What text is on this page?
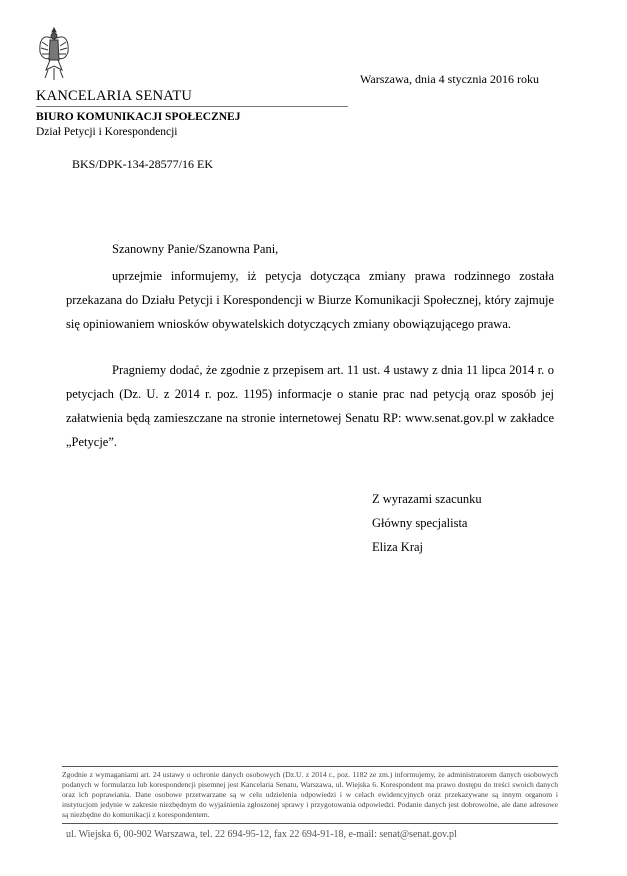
KANCELARIA SENATU
BIURO KOMUNIKACJI SPOŁECZNEJ
Dział Petycji i Korespondencji
Warszawa, dnia 4 stycznia 2016 roku
BKS/DPK-134-28577/16 EK
Szanowny Panie/Szanowna Pani,

uprzejmie informujemy, iż petycja dotycząca zmiany prawa rodzinnego została przekazana do Działu Petycji i Korespondencji w Biurze Komunikacji Społecznej, który zajmuje się opiniowaniem wniosków obywatelskich dotyczących zmiany obowiązującego prawa.

Pragniemy dodać, że zgodnie z przepisem art. 11 ust. 4 ustawy z dnia 11 lipca 2014 r. o petycjach (Dz. U. z 2014 r. poz. 1195) informacje o stanie prac nad petycją oraz sposób jej załatwienia będą zamieszczane na stronie internetowej Senatu RP: www.senat.gov.pl w zakładce „Petycje”.

Z wyrazami szacunku
Główny specjalista
Eliza Kraj
Zgodnie z wymaganiami art. 24 ustawy o ochronie danych osobowych (Dz.U. z 2014 r., poz. 1182 ze zm.) informujemy, że administratorem danych osobowych podanych w formularzu lub korespondencji pisemnej jest Kancelaria Senatu, Warszawa, ul. Wiejska 6. Korespondent ma prawo dostępu do treści swoich danych oraz ich poprawiania. Dane osobowe przetwarzane są w celu udzielenia odpowiedzi i w celach ewidencyjnych oraz przekazywane są innym organom i instytucjom jedynie w zakresie niezbędnym do wyjaśnienia zgłoszonej sprawy i przygotowania odpowiedzi. Podanie danych jest dobrowolne, ale dane adresowe są niezbędne do komunikacji z korespondentem.
ul. Wiejska 6, 00-902 Warszawa, tel. 22 694-95-12, fax 22 694-91-18, e-mail: senat@senat.gov.pl
